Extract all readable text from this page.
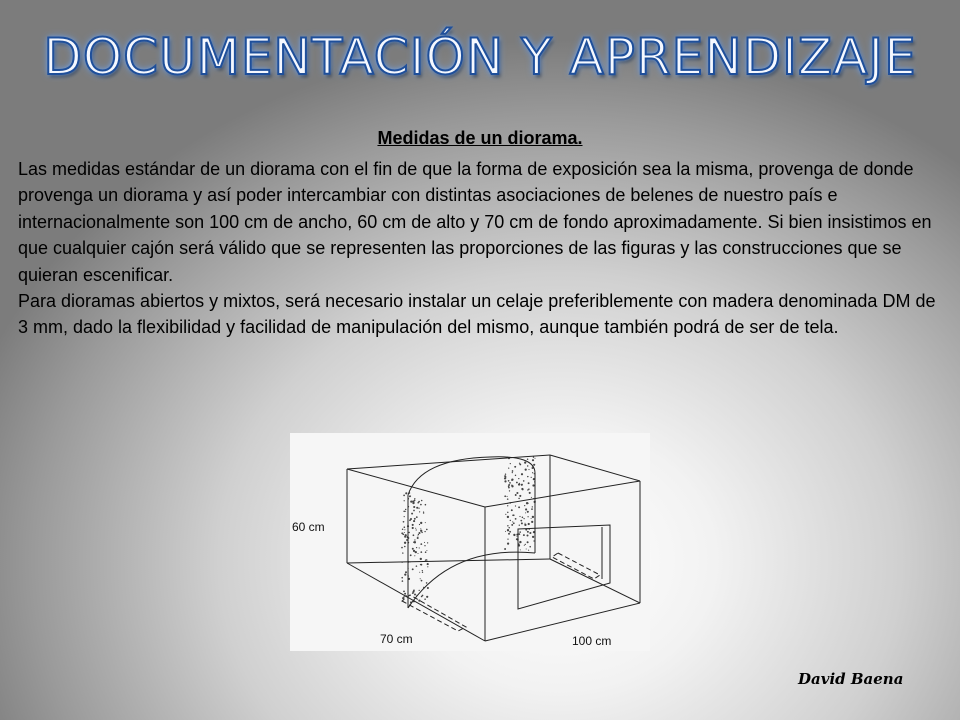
DOCUMENTACIÓN Y APRENDIZAJE
Medidas de un diorama.
Las medidas estándar de un diorama con el fin de que la forma de exposición sea la misma, provenga de donde provenga un diorama y así poder intercambiar con distintas asociaciones de belenes de nuestro país e internacionalmente son 100 cm de ancho, 60 cm de alto y 70 cm de fondo aproximadamente. Si bien insistimos en que cualquier cajón será válido que se representen las proporciones de las figuras y las construcciones que se quieran escenificar.
Para dioramas abiertos y mixtos, será necesario instalar un celaje preferiblemente con madera denominada DM de 3 mm, dado la flexibilidad y facilidad de manipulación del mismo, aunque también podrá de ser de tela.
60 cm
70 cm	100 cm
David Baena
